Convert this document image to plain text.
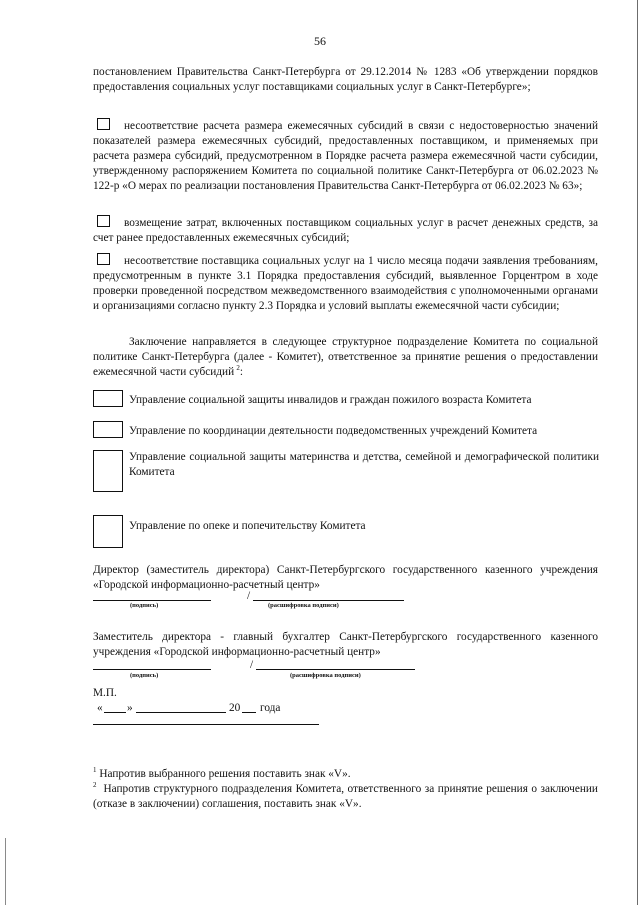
56
постановлением Правительства Санкт-Петербурга от 29.12.2014 № 1283 «Об утверждении порядков предоставления социальных услуг поставщиками социальных услуг в Санкт-Петербурге»;
несоответствие расчета размера ежемесячных субсидий в связи с недостоверностью значений показателей размера ежемесячных субсидий, предоставленных поставщиком, и применяемых при расчета размера субсидий, предусмотренном в Порядке расчета размера ежемесячной части субсидии, утвержденному распоряжением Комитета по социальной политике Санкт-Петербурга от 06.02.2023 № 122-р «О мерах по реализации постановления Правительства Санкт-Петербурга от 06.02.2023 № 63»;
возмещение затрат, включенных поставщиком социальных услуг в расчет денежных средств, за счет ранее предоставленных ежемесячных субсидий;
несоответствие поставщика социальных услуг на 1 число месяца подачи заявления требованиям, предусмотренным в пункте 3.1 Порядка предоставления субсидий, выявленное Горцентром в ходе проверки проведенной посредством межведомственного взаимодействия с уполномоченными органами и организациями согласно пункту 2.3 Порядка и условий выплаты ежемесячной части субсидии;
Заключение направляется в следующее структурное подразделение Комитета по социальной политике Санкт-Петербурга (далее - Комитет), ответственное за принятие решения о предоставлении ежемесячной части субсидий  $^2$:
Управление социальной защиты инвалидов и граждан пожилого возраста Комитета
Управление по координации деятельности подведомственных учреждений Комитета
Управление социальной защиты материнства и детства, семейной и демографической политики Комитета
Управление по опеке и попечительству Комитета
Директор (заместитель директора) Санкт-Петербургского государственного казенного учреждения «Городской информационно-расчетный центр»
/
(подпись)	(расшифровка подписи)
Заместитель директора - главный бухгалтер Санкт-Петербургского государственного казенного учреждения «Городской информационно-расчетный центр»
/
(подпись)	(расшифровка подписи)
М.П.
« »	20 года
$^1$ Напротив выбранного решения поставить знак «V».
$^2$ Напротив структурного подразделения Комитета, ответственного за принятие решения о заключении (отказе в заключении) соглашения, поставить знак «V».
